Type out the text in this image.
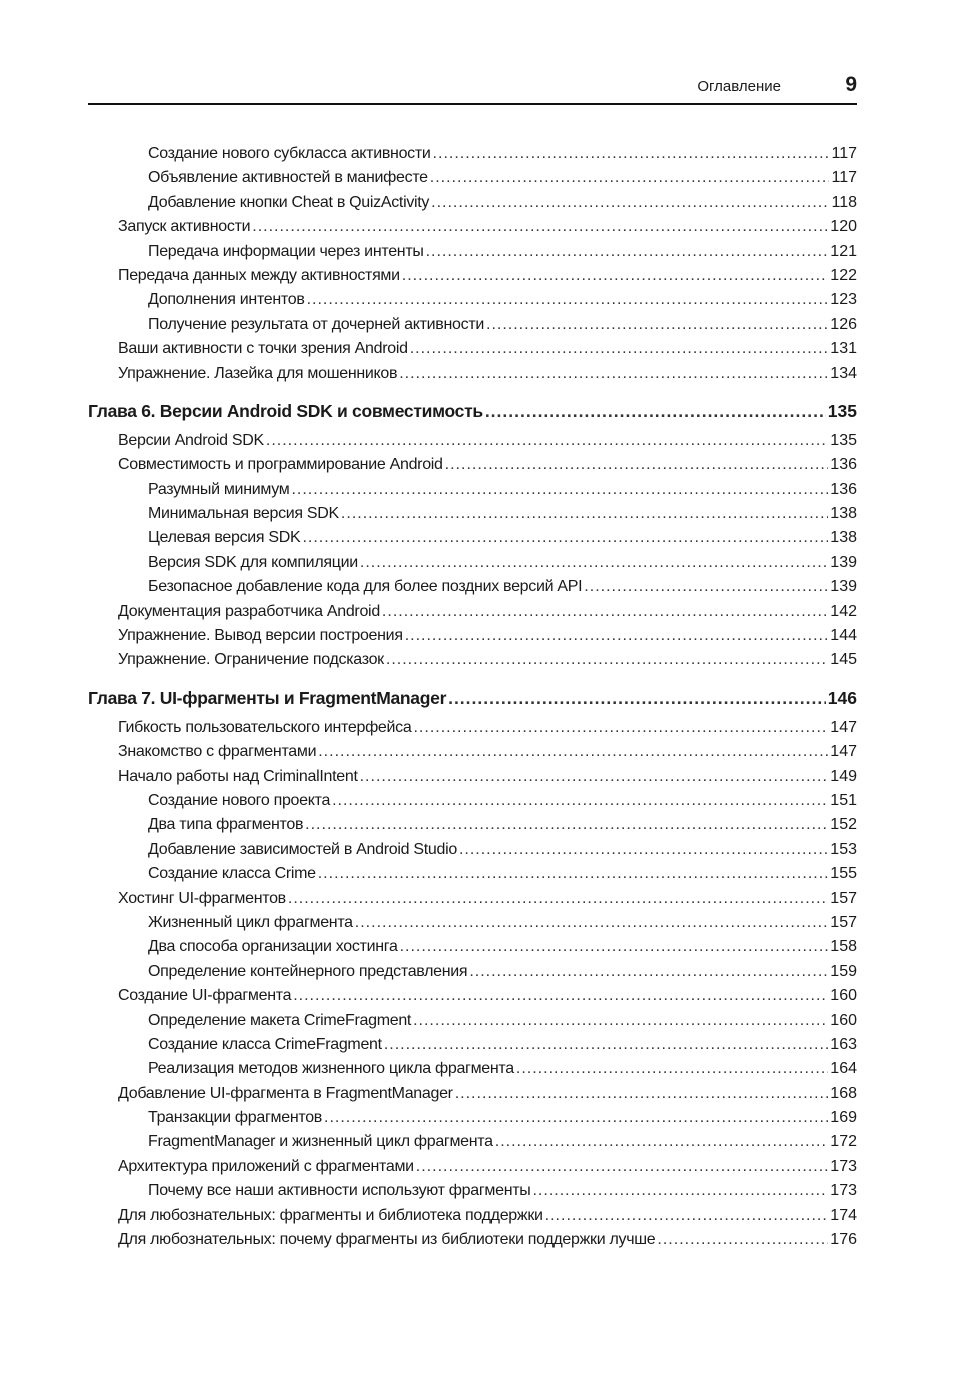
Оглавление	9
Создание нового субкласса активности .....	117
Объявление активностей в манифесте .....	117
Добавление кнопки Cheat в QuizActivity .....	118
Запуск активности .....	120
Передача информации через интенты .....	121
Передача данных между активностями .....	122
Дополнения интентов .....	123
Получение результата от дочерней активности .....	126
Ваши активности с точки зрения Android .....	131
Упражнение. Лазейка для мошенников .....	134
Глава 6. Версии Android SDK и совместимость .....	135
Версии Android SDK .....	135
Совместимость и программирование Android .....	136
Разумный минимум .....	136
Минимальная версия SDK .....	138
Целевая версия SDK .....	138
Версия SDK для компиляции .....	139
Безопасное добавление кода для более поздних версий API .....	139
Документация разработчика Android .....	142
Упражнение. Вывод версии построения .....	144
Упражнение. Ограничение подсказок .....	145
Глава 7. UI-фрагменты и FragmentManager .....	146
Гибкость пользовательского интерфейса .....	147
Знакомство с фрагментами .....	147
Начало работы над CriminalIntent .....	149
Создание нового проекта .....	151
Два типа фрагментов .....	152
Добавление зависимостей в Android Studio .....	153
Создание класса Crime .....	155
Хостинг UI-фрагментов .....	157
Жизненный цикл фрагмента .....	157
Два способа организации хостинга .....	158
Определение контейнерного представления .....	159
Создание UI-фрагмента .....	160
Определение макета CrimeFragment .....	160
Создание класса CrimeFragment .....	163
Реализация методов жизненного цикла фрагмента .....	164
Добавление UI-фрагмента в FragmentManager .....	168
Транзакции фрагментов .....	169
FragmentManager и жизненный цикл фрагмента .....	172
Архитектура приложений с фрагментами .....	173
Почему все наши активности используют фрагменты .....	173
Для любознательных: фрагменты и библиотека поддержки .....	174
Для любознательных: почему фрагменты из библиотеки поддержки лучше .....	176
